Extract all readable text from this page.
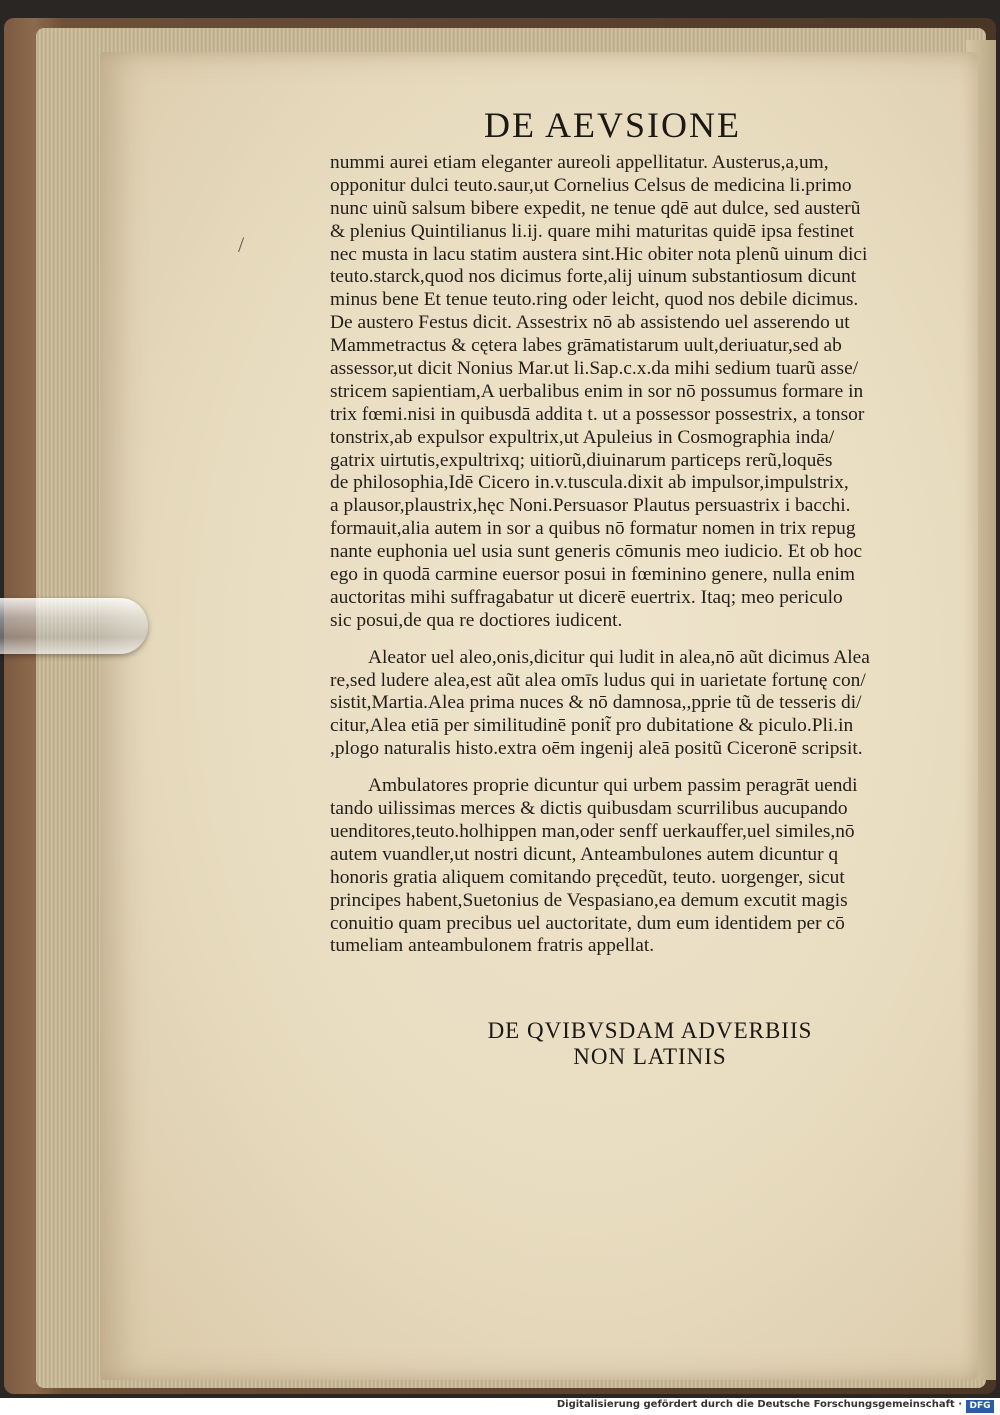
/
DE AEVSIONE
nummi aurei etiam eleganter aureoli appellitatur. Austerus,a,um,
opponitur dulci teuto.saur,ut Cornelius Celsus de medicina li.primo
nunc uinũ salsum bibere expedit, ne tenue qdē aut dulce, sed austerũ
& plenius Quintilianus li.ij. quare mihi maturitas quidē ipsa festinet
nec musta in lacu statim austera sint.Hic obiter nota plenũ uinum dici
teuto.starck,quod nos dicimus forte,alij uinum substantiosum dicunt
minus bene Et tenue teuto.ring oder leicht, quod nos debile dicimus.
De austero Festus dicit. Assestrix nō ab assistendo uel asserendo ut
Mammetractus & cętera labes grāmatistarum uult,deriuatur,sed ab
assessor,ut dicit Nonius Mar.ut li.Sap.c.x.da mihi sedium tuarũ asse/
stricem sapientiam,A uerbalibus enim in sor nō possumus formare in
trix fœmi.nisi in quibusdā addita t. ut a possessor possestrix, a tonsor
tonstrix,ab expulsor expultrix,ut Apuleius in Cosmographia inda/
gatrix uirtutis,expultrixq; uitiorũ,diuinarum particeps rerũ,loquēs
de philosophia,Idē Cicero in.v.tuscula.dixit ab impulsor,impulstrix,
a plausor,plaustrix,hęc Noni.Persuasor Plautus persuastrix i bacchi.
formauit,alia autem in sor a quibus nō formatur nomen in trix repug
nante euphonia uel usia sunt generis cōmunis meo iudicio. Et ob hoc
ego in quodā carmine euersor posui in fœminino genere, nulla enim
auctoritas mihi suffragabatur ut dicerē euertrix. Itaq; meo periculo
sic posui,de qua re doctiores iudicent.
Aleator uel aleo,onis,dicitur qui ludit in alea,nō aũt dicimus Alea
re,sed ludere alea,est aũt alea omīs ludus qui in uarietate fortunę con/
sistit,Martia.Alea prima nuces & nō damnosa,,pprie tũ de tesseris di/
citur,Alea etiā per similitudinē ponit̃ pro dubitatione & piculo.Pli.in
,plogo naturalis histo.extra oēm ingenij aleā positũ Ciceronē scripsit.
Ambulatores proprie dicuntur qui urbem passim peragrāt uendi
tando uilissimas merces & dictis quibusdam scurrilibus aucupando
uenditores,teuto.holhippen man,oder senff uerkauffer,uel similes,nō
autem vuandler,ut nostri dicunt, Anteambulones autem dicuntur q
honoris gratia aliquem comitando pręcedũt, teuto. uorgenger, sicut
principes habent,Suetonius de Vespasiano,ea demum excutit magis
conuitio quam precibus uel auctoritate, dum eum identidem per cō
tumeliam anteambulonem fratris appellat.
DE QVIBVSDAM ADVERBIIS
NON LATINIS
Digitalisierung gefördert durch die Deutsche Forschungsgemeinschaft · DFG
